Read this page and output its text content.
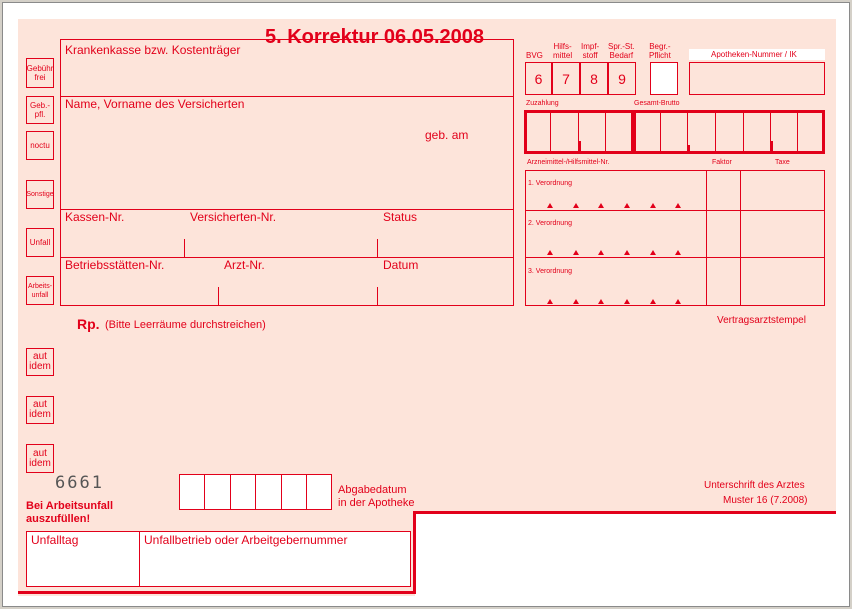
5. Korrektur 06.05.2008
Gebühr
frei
Geb.-
pfl.
noctu
Sonstige
Unfall
Arbeits-
unfall
Krankenkasse bzw. Kostenträger
Name, Vorname des Versicherten
geb. am
Kassen-Nr.	Versicherten-Nr.	Status
Betriebsstätten-Nr.	Arzt-Nr.	Datum
BVG
Hilfs-
mittel
Impf-
stoff
Spr.-St.
Bedarf
Begr.-
Pflicht	Apotheken-Nummer / IK
6	7	8	9
Zuzahlung	Gesamt-Brutto
Arzneimittel-/Hilfsmittel-Nr.	Faktor	Taxe
1. Verordnung
2. Verordnung
3. Verordnung
Rp. (Bitte Leerräume durchstreichen)	Vertragsarztstempel
aut
idem
aut
idem
aut
idem
6661
Bei Arbeitsunfall
auszufüllen!
Abgabedatum
in der Apotheke
Unterschrift des Arztes
Muster 16 (7.2008)
Unfalltag	Unfallbetrieb oder Arbeitgebernummer
